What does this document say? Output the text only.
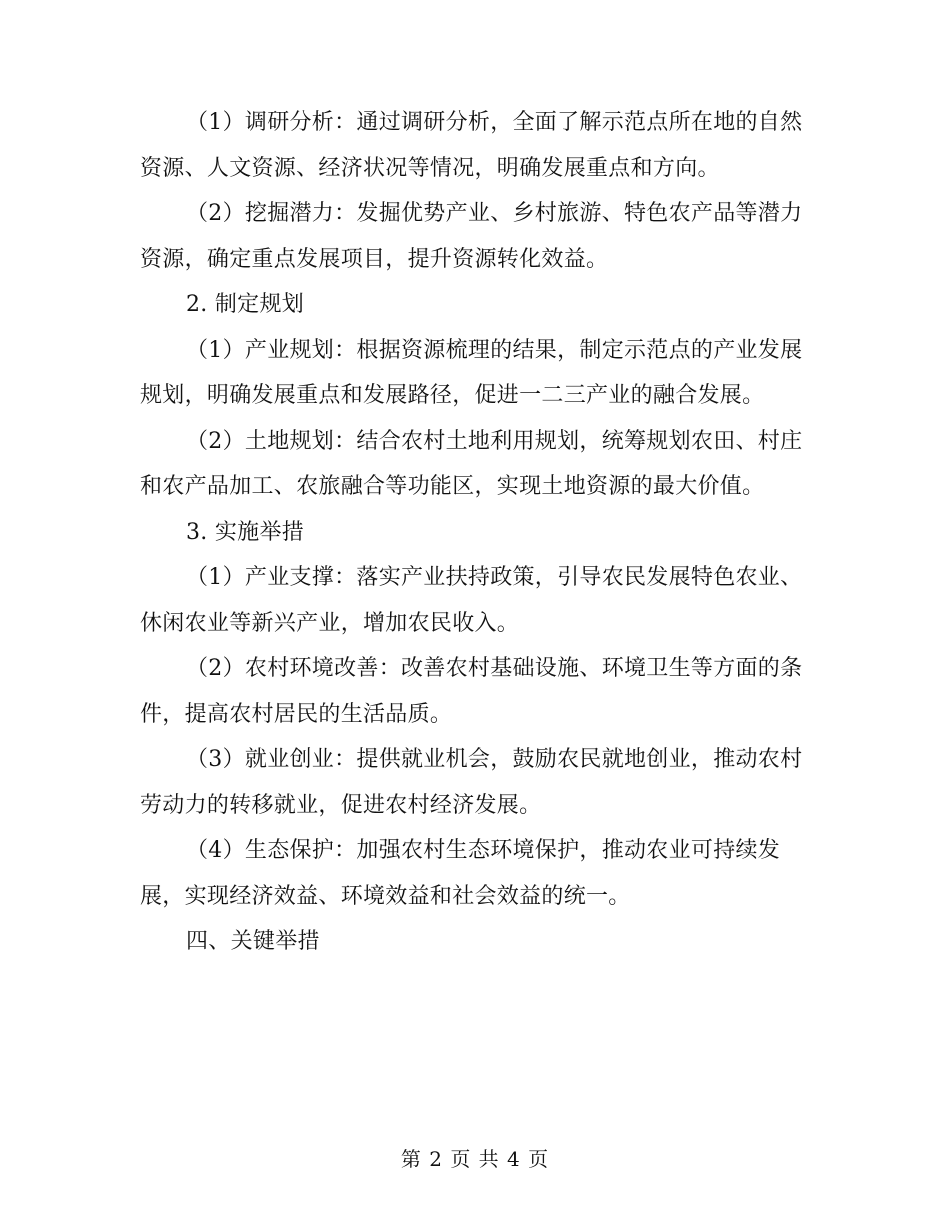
（1）调研分析：通过调研分析，全面了解示范点所在地的自然资源、人文资源、经济状况等情况，明确发展重点和方向。

（2）挖掘潜力：发掘优势产业、乡村旅游、特色农产品等潜力资源，确定重点发展项目，提升资源转化效益。

2. 制定规划

（1）产业规划：根据资源梳理的结果，制定示范点的产业发展规划，明确发展重点和发展路径，促进一二三产业的融合发展。

（2）土地规划：结合农村土地利用规划，统筹规划农田、村庄和农产品加工、农旅融合等功能区，实现土地资源的最大价值。

3. 实施举措

（1）产业支撑：落实产业扶持政策，引导农民发展特色农业、休闲农业等新兴产业，增加农民收入。

（2）农村环境改善：改善农村基础设施、环境卫生等方面的条件，提高农村居民的生活品质。

（3）就业创业：提供就业机会，鼓励农民就地创业，推动农村劳动力的转移就业，促进农村经济发展。

（4）生态保护：加强农村生态环境保护，推动农业可持续发展，实现经济效益、环境效益和社会效益的统一。

四、关键举措

第 2 页 共 4 页
